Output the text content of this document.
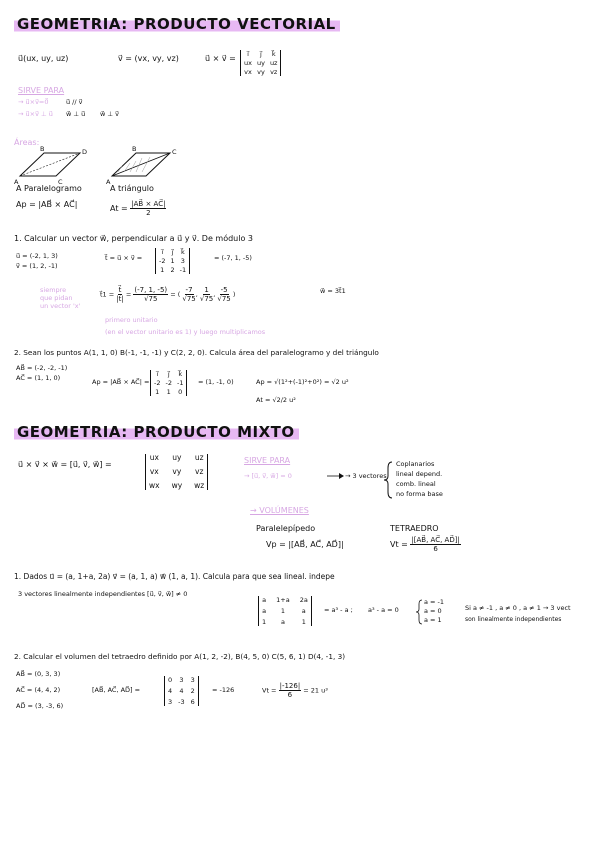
GEOMETRIA: PRODUCTO VECTORIAL
u⃗(ux, uy, uz)	v⃗ = (vx, vy, vz)	u⃗ × v⃗ =	i⃗	j⃗	k⃗
ux uy uz
vx vy vz
SIRVE PARA
→ u⃗×v⃗=0⃗	u⃗ // v⃗
→ u⃗×v⃗ ⊥ u⃗ w⃗ ⊥ u⃗ w⃗ ⊥ v⃗
Áreas:
A
B
C
D
A
B	C
A Paralelogramo
Ap = |AB⃗ × AC⃗|
A triángulo
$At = \frac{|AB⃗ \times AC⃗|}{2}$
1. Calcular un vector w⃗, perpendicular a u⃗ y v⃗. De módulo 3
u⃗ = (-2, 1, 3)
v⃗ = (1, 2, -1)
t⃗ = u⃗ × v⃗ =
i⃗	j⃗ k⃗
-2 1 3
1 2 -1
= (-7, 1, -5)
t⃗1 = $\frac{t⃗}{|t⃗|} = \frac{(-7, 1, -5)}{√75}$ = ( $\frac{-7}{√75}$ , $\frac{1}{√75}$ , $\frac{-5}{√75}$ )	w⃗ = 3t⃗1
siempre
que pidan
un vector 'x'
primero unitario
(en el vector unitario es 1) y luego multiplicamos
2. Sean los puntos A(1, 1, 0) B(-1, -1, -1) y C(2, 2, 0). Calcula área del paralelogramo y del triángulo
AB⃗ = (-2, -2, -1)
AC⃗ = (1, 1, 0)	Ap = |AB⃗ × AC⃗| =
i⃗	j⃗	k⃗
-2 -2 -1
1 1 0
= (1, -1, 0)	Ap = √(1²+(-1)²+0²) = √2 u²
At = √2/2 u²
GEOMETRIA: PRODUCTO MIXTO
u⃗ × v⃗ × w⃗ = [u⃗, v⃗, w⃗] =
ux uy uz
vx vy vz
wx wy wz
SIRVE PARA
→ [u⃗, v⃗, w⃗] = 0	→ 3 vectores
Coplanarios
lineal depend.
comb. lineal
no forma base
→ VOLÚMENES
Paralelepípedo
Vp = |[AB⃗, AC⃗, AD⃗]|
TETRAEDRO
$Vt = \frac{|[AB⃗, AC⃗, AD⃗]|}{6}$
1. Dados u⃗ = (a, 1+a, 2a) v⃗ = (a, 1, a) w⃗ (1, a, 1). Calcula para que sea lineal. indepe
3 vectores linealmente independientes [u⃗, v⃗, w⃗] ≠ 0
a 1+a 2a
a	1	a
1	a	1
= a³ - a ; a³ - a = 0
a = -1
a = 0
a = 1
Si a ≠ -1 , a ≠ 0 , a ≠ 1 → 3 vect
son linealmente independientes
2. Calcular el volumen del tetraedro definido por A(1, 2, -2), B(4, 5, 0) C(5, 6, 1) D(4, -1, 3)
AB⃗ = (0, 3, 3)
AC⃗ = (4, 4, 2)
AD⃗ = (3, -3, 6)
[AB⃗, AC⃗, AD⃗] =
0 3 3
4 4 2
3 -3 6
= -126	$Vt = \frac{|-126|}{6} = 21$ u³
